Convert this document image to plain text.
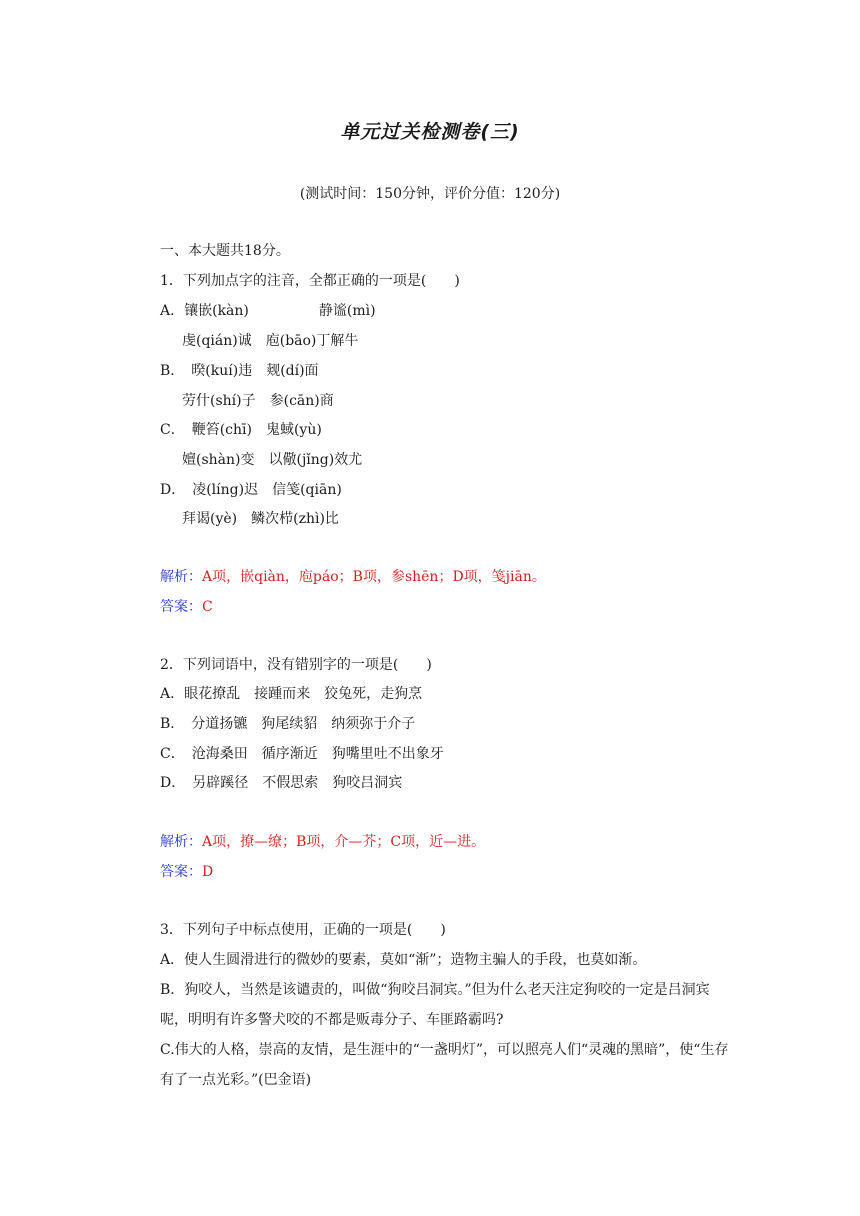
单元过关检测卷(三)
(测试时间：150分钟，评价分值：120分)
一、本大题共18分。
1．下列加点字的注音，全都正确的一项是(　　)
A．镶嵌(kàn)　　　　　静谧(mì)
虔(qián)诚　庖(bāo)丁解牛
B．　暌(kuí)违　觌(dí)面
劳什(shí)子　参(cān)商
C．　鞭笞(chī)　鬼蜮(yù)
嬗(shàn)变　以儆(jǐng)效尤
D．　凌(líng)迟　信笺(qiān)
拜谒(yè)　鳞次栉(zhì)比
解析：A项，嵌qiàn，庖páo；B项，参shēn；D项，笺jiān。
答案：C
2．下列词语中，没有错别字的一项是(　　)
A．眼花撩乱　接踵而来　狡兔死，走狗烹
B．　分道扬镳　狗尾续貂　纳须弥于介子
C．　沧海桑田　循序渐近　狗嘴里吐不出象牙
D．　另辟蹊径　不假思索　狗咬吕洞宾
解析：A项，撩—缭；B项，介—芥；C项，近—进。
答案：D
3．下列句子中标点使用，正确的一项是(　　)
A．使人生圆滑进行的微妙的要素，莫如“渐”；造物主骗人的手段，也莫如渐。
B．狗咬人，当然是该谴责的，叫做“狗咬吕洞宾。”但为什么老天注定狗咬的一定是吕洞宾呢，明明有许多警犬咬的不都是贩毒分子、车匪路霸吗?
C.伟大的人格，崇高的友情，是生涯中的“一盏明灯”，可以照亮人们“灵魂的黑暗”，使“生存有了一点光彩。”(巴金语)
